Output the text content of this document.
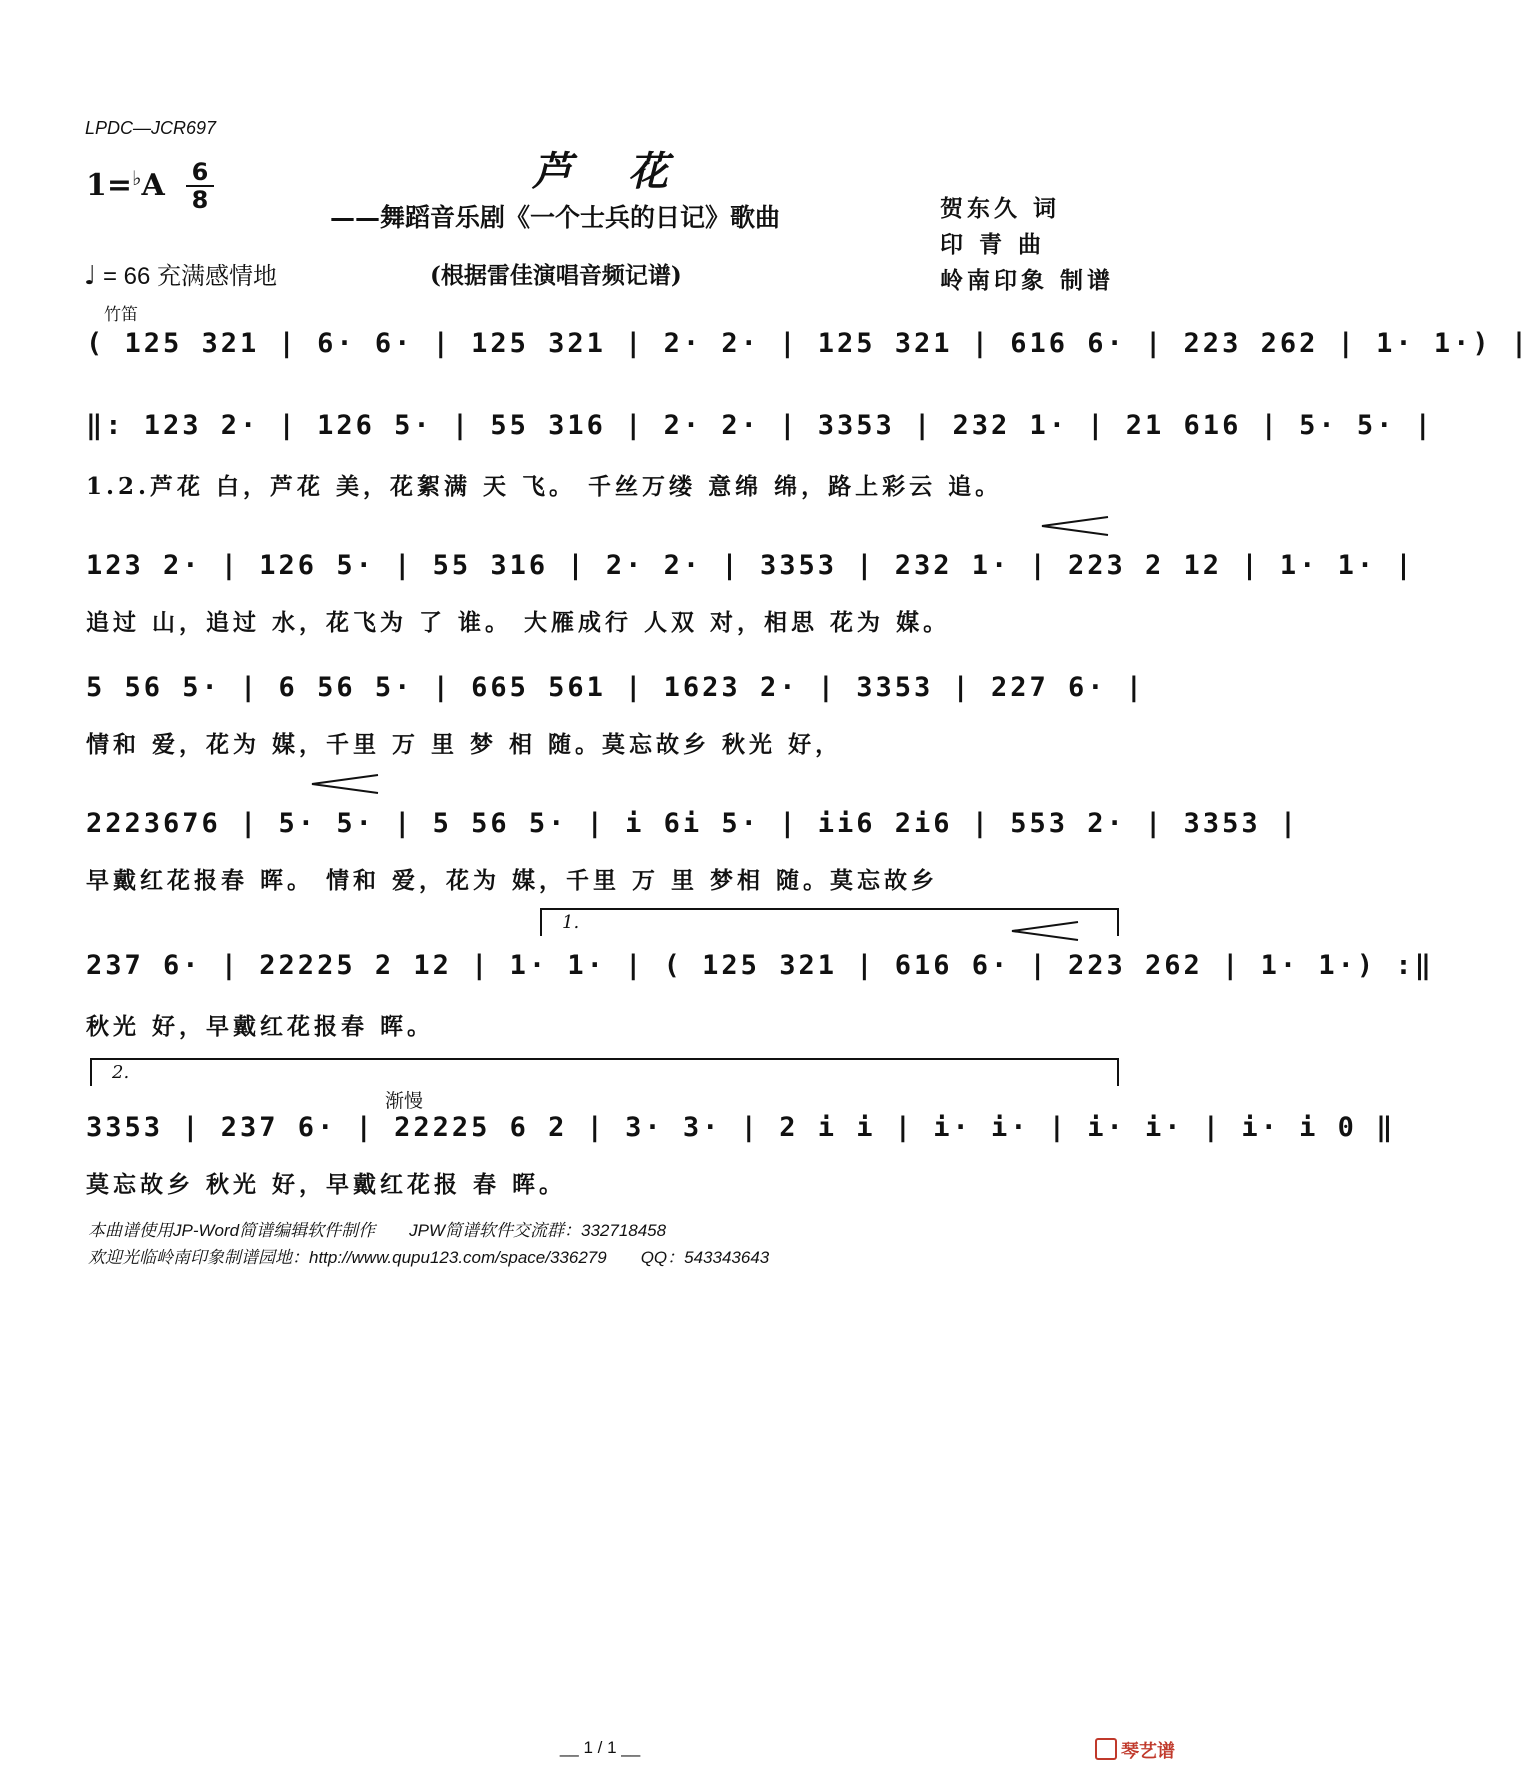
LPDC—JCR697
芦花
——舞蹈音乐剧《一个士兵的日记》歌曲
(根据雷佳演唱音频记谱)
贺东久 词
印 青 曲
岭南印象 制谱
1=♭A 6
8
♩ = 66 充满感情地
竹笛
( 125 321 | 6· 6· | 125 321 | 2· 2· | 125 321 | 616 6· | 223 262 | 1· 1·) |
‖: 123 2· | 126 5· | 55 316 | 2· 2· | 3353 | 232 1· | 21 616 | 5· 5· |
1.2.芦花 白，芦花 美，花絮满 天 飞。 千丝万缕 意绵 绵，路上彩云 追。
123 2· | 126 5· | 55 316 | 2· 2· | 3353 | 232 1· | 223 2 12 | 1· 1· |
追过 山，追过 水，花飞为 了 谁。 大雁成行 人双 对，相思 花为 媒。
5 56 5· | 6 56 5· | 665 561 | 1623 2· | 3353 | 227 6· |
情和 爱，花为 媒，千里 万 里 梦 相 随。莫忘故乡 秋光 好，
2223676 | 5· 5· | 5 56 5· | i 6i 5· | ii6 2i6 | 553 2· | 3353 |
早戴红花报春 晖。 情和 爱，花为 媒，千里 万 里 梦相 随。莫忘故乡
1.
237 6· | 22225 2 12 | 1· 1· | ( 125 321 | 616 6· | 223 262 | 1· 1·) :‖
秋光 好，早戴红花报春 晖。
2.
渐慢
3353 | 237 6· | 22225 6 2 | 3· 3· | 2 i i | i· i· | i· i· | i· i 0 ‖
莫忘故乡 秋光 好，早戴红花报 春 晖。
本曲谱使用JP-Word简谱编辑软件制作　　JPW简谱软件交流群：332718458
欢迎光临岭南印象制谱园地：http://www.qupu123.com/space/336279　　QQ：543343643
__ 1 / 1 __	琴艺谱
